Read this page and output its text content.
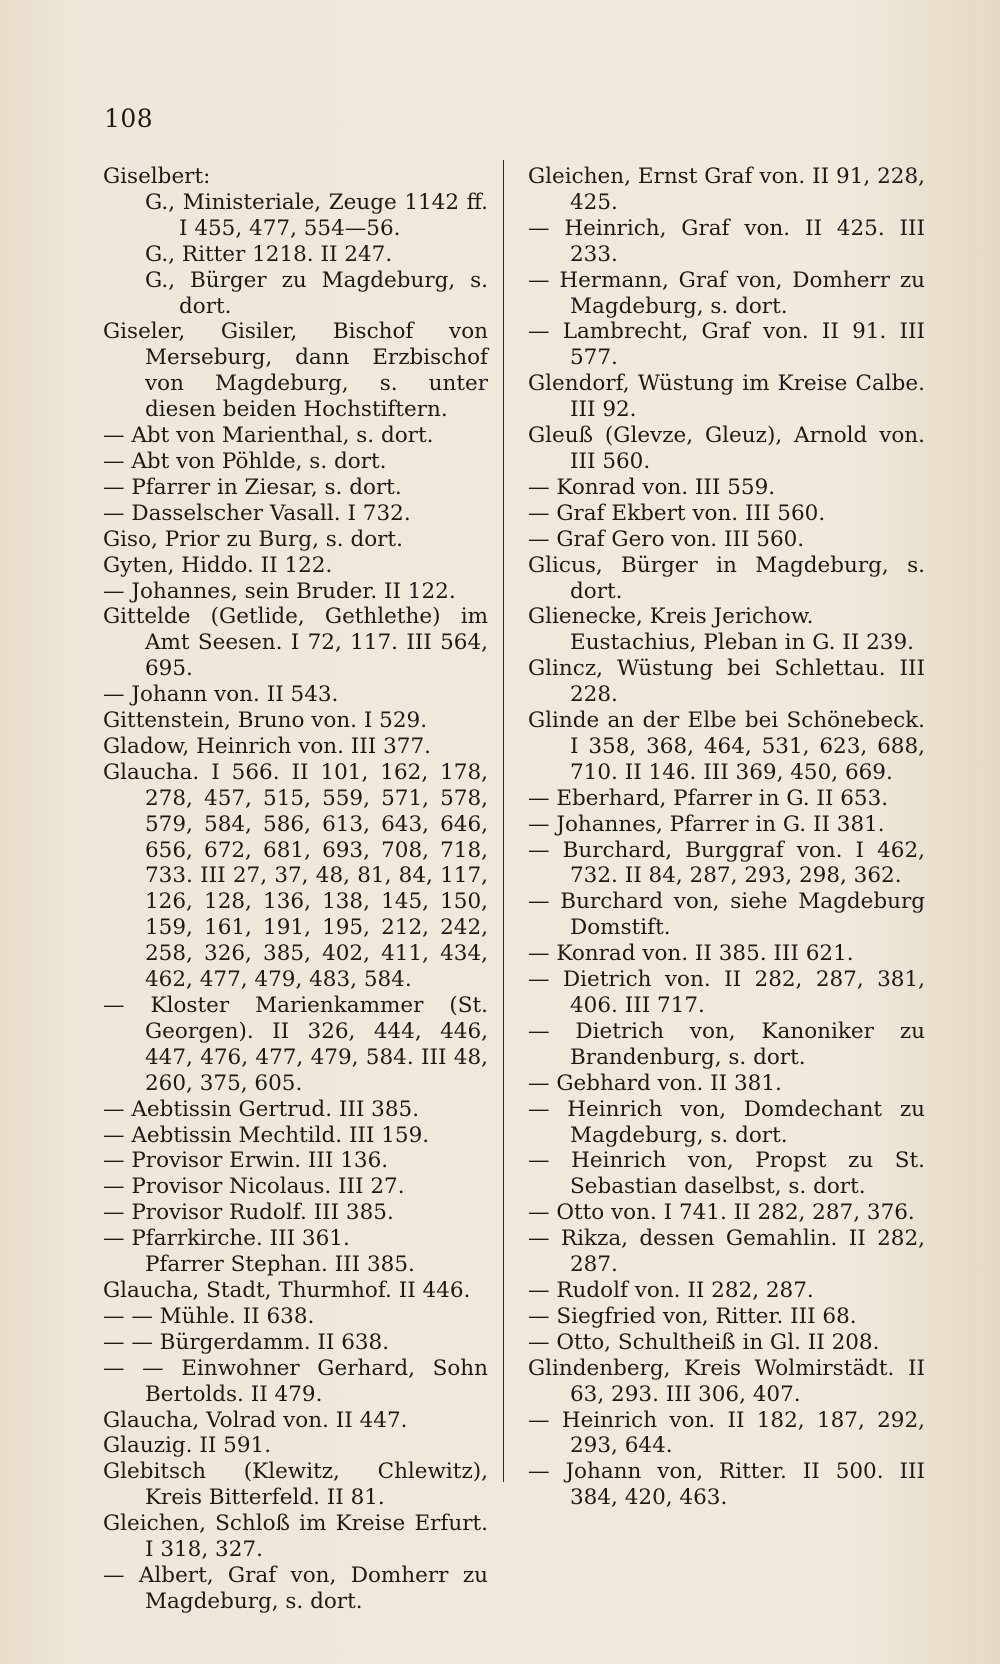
108

Giselbert:

G., Ministeriale, Zeuge 1142 ff. I 455, 477, 554—56.

G., Ritter 1218. II 247.

G., Bürger zu Magdeburg, s. dort.

Giseler, Gisiler, Bischof von Merseburg, dann Erzbischof von Magdeburg, s. unter diesen beiden Hochstiftern.

— Abt von Marienthal, s. dort.

— Abt von Pöhlde, s. dort.

— Pfarrer in Ziesar, s. dort.

— Dasselscher Vasall. I 732.

Giso, Prior zu Burg, s. dort.

Gyten, Hiddo. II 122.

— Johannes, sein Bruder. II 122.

Gittelde (Getlide, Gethlethe) im Amt Seesen. I 72, 117. III 564, 695.

— Johann von. II 543.

Gittenstein, Bruno von. I 529.

Gladow, Heinrich von. III 377.

Glaucha. I 566. II 101, 162, 178, 278, 457, 515, 559, 571, 578, 579, 584, 586, 613, 643, 646, 656, 672, 681, 693, 708, 718, 733. III 27, 37, 48, 81, 84, 117, 126, 128, 136, 138, 145, 150, 159, 161, 191, 195, 212, 242, 258, 326, 385, 402, 411, 434, 462, 477, 479, 483, 584.

— Kloster Marienkammer (St. Georgen). II 326, 444, 446, 447, 476, 477, 479, 584. III 48, 260, 375, 605.

— Aebtissin Gertrud. III 385.

— Aebtissin Mechtild. III 159.

— Provisor Erwin. III 136.

— Provisor Nicolaus. III 27.

— Provisor Rudolf. III 385.

— Pfarrkirche. III 361.

Pfarrer Stephan. III 385.

Glaucha, Stadt, Thurmhof. II 446.

— — Mühle. II 638.

— — Bürgerdamm. II 638.

— — Einwohner Gerhard, Sohn Bertolds. II 479.

Glaucha, Volrad von. II 447.

Glauzig. II 591.

Glebitsch (Klewitz, Chlewitz), Kreis Bitterfeld. II 81.

Gleichen, Schloß im Kreise Erfurt. I 318, 327.

— Albert, Graf von, Domherr zu Magdeburg, s. dort.

Gleichen, Ernst Graf von. II 91, 228, 425.

— Heinrich, Graf von. II 425. III 233.

— Hermann, Graf von, Domherr zu Magdeburg, s. dort.

— Lambrecht, Graf von. II 91. III 577.

Glendorf, Wüstung im Kreise Calbe. III 92.

Gleuß (Glevze, Gleuz), Arnold von. III 560.

— Konrad von. III 559.

— Graf Ekbert von. III 560.

— Graf Gero von. III 560.

Glicus, Bürger in Magdeburg, s. dort.

Glienecke, Kreis Jerichow.

Eustachius, Pleban in G. II 239.

Glincz, Wüstung bei Schlettau. III 228.

Glinde an der Elbe bei Schönebeck. I 358, 368, 464, 531, 623, 688, 710. II 146. III 369, 450, 669.

— Eberhard, Pfarrer in G. II 653.

— Johannes, Pfarrer in G. II 381.

— Burchard, Burggraf von. I 462, 732. II 84, 287, 293, 298, 362.

— Burchard von, siehe Magdeburg Domstift.

— Konrad von. II 385. III 621.

— Dietrich von. II 282, 287, 381, 406. III 717.

— Dietrich von, Kanoniker zu Brandenburg, s. dort.

— Gebhard von. II 381.

— Heinrich von, Domdechant zu Magdeburg, s. dort.

— Heinrich von, Propst zu St. Sebastian daselbst, s. dort.

— Otto von. I 741. II 282, 287, 376.

— Rikza, dessen Gemahlin. II 282, 287.

— Rudolf von. II 282, 287.

— Siegfried von, Ritter. III 68.

— Otto, Schultheiß in Gl. II 208.

Glindenberg, Kreis Wolmirstädt. II 63, 293. III 306, 407.

— Heinrich von. II 182, 187, 292, 293, 644.

— Johann von, Ritter. II 500. III 384, 420, 463.
